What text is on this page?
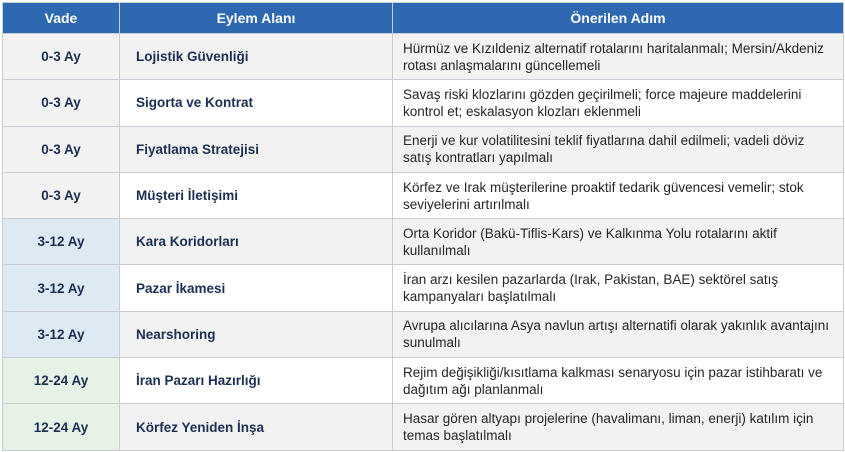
Vade	Eylem Alanı	Önerilen Adım
0-3 Ay	Lojistik Güvenliği	Hürmüz ve Kızıldeniz alternatif rotalarını haritalanmalı; Mersin/Akdeniz rotası anlaşmalarını güncellemeli
0-3 Ay	Sigorta ve Kontrat	Savaş riski klozlarını gözden geçirilmeli; force majeure maddelerini kontrol et; eskalasyon klozları eklenmeli
0-3 Ay	Fiyatlama Stratejisi	Enerji ve kur volatilitesini teklif fiyatlarına dahil edilmeli; vadeli döviz satış kontratları yapılmalı
0-3 Ay	Müşteri İletişimi	Körfez ve Irak müşterilerine proaktif tedarik güvencesi vemelir; stok seviyelerini artırılmalı
3-12 Ay	Kara Koridorları	Orta Koridor (Bakü-Tiflis-Kars) ve Kalkınma Yolu rotalarını aktif kullanılmalı
3-12 Ay	Pazar İkamesi	İran arzı kesilen pazarlarda (Irak, Pakistan, BAE) sektörel satış kampanyaları başlatılmalı
3-12 Ay	Nearshoring	Avrupa alıcılarına Asya navlun artışı alternatifi olarak yakınlık avantajını sunulmalı
12-24 Ay	İran Pazarı Hazırlığı	Rejim değişikliği/kısıtlama kalkması senaryosu için pazar istihbaratı ve dağıtım ağı planlanmalı
12-24 Ay	Körfez Yeniden İnşa	Hasar gören altyapı projelerine (havalimanı, liman, enerji) katılım için temas başlatılmalı
